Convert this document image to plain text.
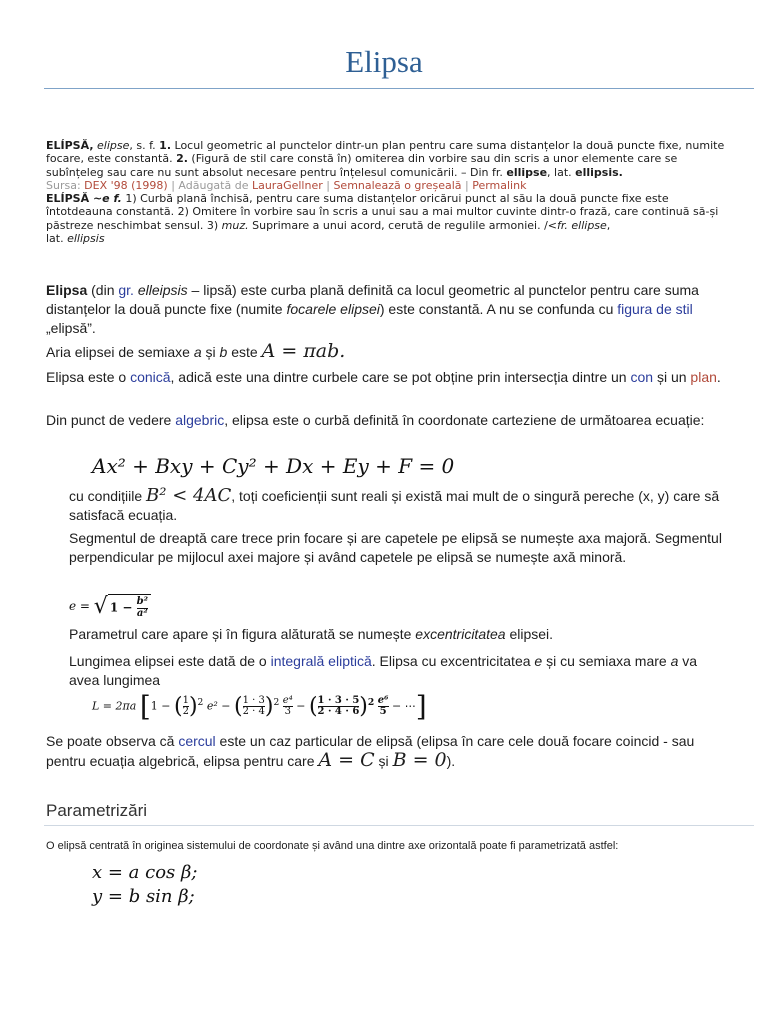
Elipsa
ELÍPSĂ, elipse, s. f. 1. Locul geometric al punctelor dintr-un plan pentru care suma distanțelor la două puncte fixe, numite focare, este constantă. 2. (Figură de stil care constă în) omiterea din vorbire sau din scris a unor elemente care se subînțeleg sau care nu sunt absolut necesare pentru înțelesul comunicării. – Din fr. ellipse, lat. ellipsis.
Sursa: DEX '98 (1998) | Adăugată de LauraGellner | Semnalează o greșeală | Permalink
ELÍPSĂ ~e f. 1) Curbă plană închisă, pentru care suma distanțelor oricărui punct al său la două puncte fixe este întotdeauna constantă. 2) Omitere în vorbire sau în scris a unui sau a mai multor cuvinte dintr-o frază, care continuă să-și păstreze neschimbat sensul. 3) muz. Suprimare a unui acord, cerută de regulile armoniei. /<fr. ellipse,
lat. ellipsis
Elipsa (din gr. elleipsis – lipsă) este curba plană definită ca locul geometric al punctelor pentru care suma distanțelor la două puncte fixe (numite focarele elipsei) este constantă. A nu se confunda cu figura de stil „elipsă”.
Aria elipsei de semiaxe a și b este A = πab.
Elipsa este o conică, adică este una dintre curbele care se pot obține prin intersecția dintre un con și un plan.
Din punct de vedere algebric, elipsa este o curbă definită în coordonate carteziene de următoarea ecuație:
Ax² + Bxy + Cy² + Dx + Ey + F = 0
cu condițiile B² < 4AC, toți coeficienții sunt reali și există mai mult de o singură pereche (x, y) care să satisfacă ecuația.
Segmentul de dreaptă care trece prin focare și are capetele pe elipsă se numește axa majoră. Segmentul perpendicular pe mijlocul axei majore și având capetele pe elipsă se numește axă minoră.
e = √ $1 - \frac{\text{b²}}{\text{a²}}$
Parametrul care apare și în figura alăturată se numește excentricitatea elipsei.
Lungimea elipsei este dată de o integrală eliptică. Elipsa cu excentricitatea e și cu semiaxa mare a va avea lungimea
L = 2πa [1 − ( $\frac{1}{2} )^2$ e² − ( $\frac{1 \cdot 3}{2 \cdot 4} )^2 \frac{\text{e⁴}}{3}$ − ( $\frac{1 \cdot 3 \cdot 5}{2 \cdot 4 \cdot 6} )^2 \frac{\text{e⁶}}{5}$ − ⋯]
Se poate observa că cercul este un caz particular de elipsă (elipsa în care cele două focare coincid - sau pentru ecuația algebrică, elipsa pentru care A = C și B = 0).
Parametrizări
O elipsă centrată în originea sistemului de coordonate și având una dintre axe orizontală poate fi parametrizată astfel:
x = a cos β;
y = b sin β;
